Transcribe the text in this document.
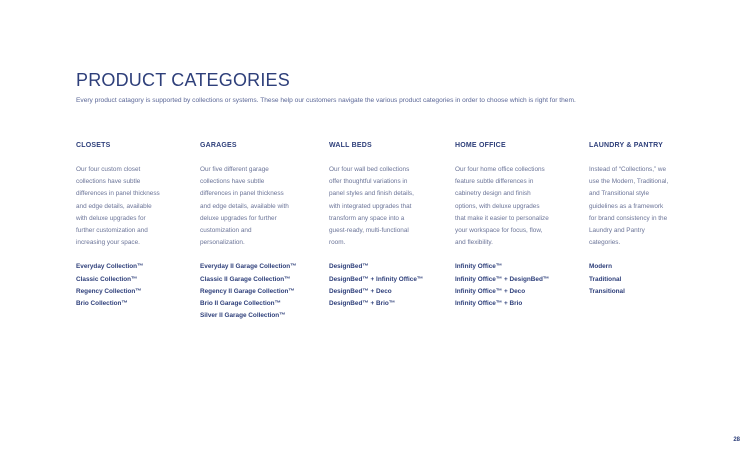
PRODUCT CATEGORIES

Every product catagory is supported by collections or systems. These help our customers navigate the various product categories in order to choose which is right for them.

CLOSETS
Our four custom closet
collections have subtle
differences in panel thickness
and edge details, available
with deluxe upgrades for
further customization and
increasing your space.
Everyday Collection™
Classic Collection™
Regency Collection™
Brio Collection™
GARAGES
Our five different garage
collections have subtle
differences in panel thickness
and edge details, available with
deluxe upgrades for further
customization and
personalization.
Everyday II Garage Collection™
Classic II Garage Collection™
Regency II Garage Collection™
Brio II Garage Collection™
Silver II Garage Collection™
WALL BEDS
Our four wall bed collections
offer thoughtful variations in
panel styles and finish details,
with integrated upgrades that
transform any space into a
guest-ready, multi-functional
room.
DesignBed™
DesignBed™ + Infinity Office™
DesignBed™ + Deco
DesignBed™ + Brio™
HOME OFFICE
Our four home office collections
feature subtle differences in
cabinetry design and finish
options, with deluxe upgrades
that make it easier to personalize
your workspace for focus, flow,
and flexibility.
Infinity Office™
Infinity Office™ + DesignBed™
Infinity Office™ + Deco
Infinity Office™ + Brio
LAUNDRY & PANTRY
Instead of “Collections,” we
use the Modern, Traditional,
and Transitional style
guidelines as a framework
for brand consistency in the
Laundry and Pantry
categories.
Modern
Traditional
Transitional
28
